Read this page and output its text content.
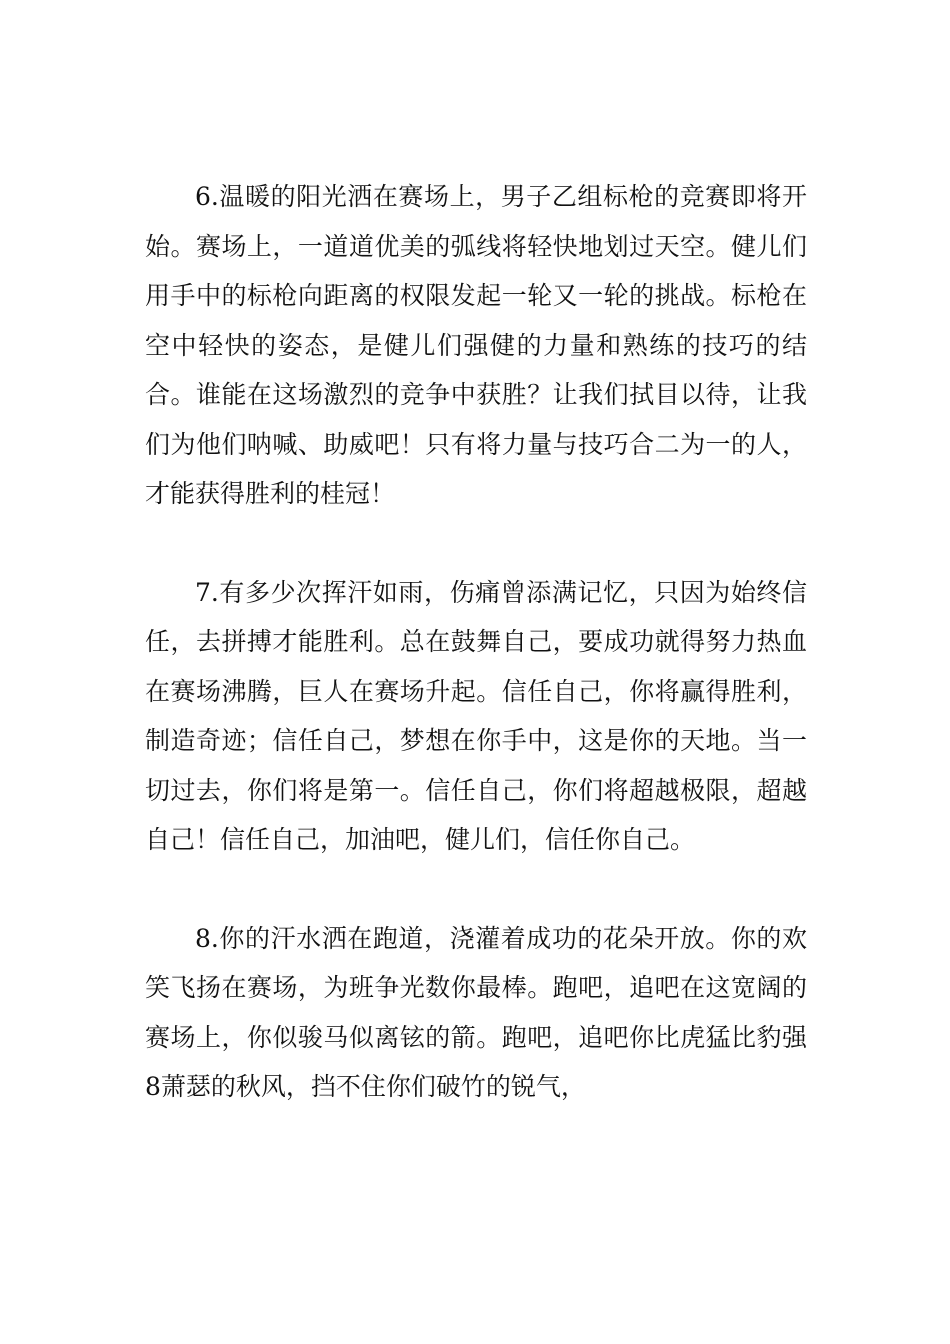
6.温暖的阳光洒在赛场上，男子乙组标枪的竞赛即将开始。赛场上，一道道优美的弧线将轻快地划过天空。健儿们用手中的标枪向距离的权限发起一轮又一轮的挑战。标枪在空中轻快的姿态，是健儿们强健的力量和熟练的技巧的结合。谁能在这场激烈的竞争中获胜？让我们拭目以待，让我们为他们呐喊、助威吧！只有将力量与技巧合二为一的人，才能获得胜利的桂冠！

7.有多少次挥汗如雨，伤痛曾添满记忆，只因为始终信任，去拼搏才能胜利。总在鼓舞自己，要成功就得努力热血在赛场沸腾，巨人在赛场升起。信任自己，你将赢得胜利，制造奇迹；信任自己，梦想在你手中，这是你的天地。当一切过去，你们将是第一。信任自己，你们将超越极限，超越自己！信任自己，加油吧，健儿们，信任你自己。

8.你的汗水洒在跑道，浇灌着成功的花朵开放。你的欢笑飞扬在赛场，为班争光数你最棒。跑吧，追吧在这宽阔的赛场上，你似骏马似离铉的箭。跑吧，追吧你比虎猛比豹强8萧瑟的秋风，挡不住你们破竹的锐气，
